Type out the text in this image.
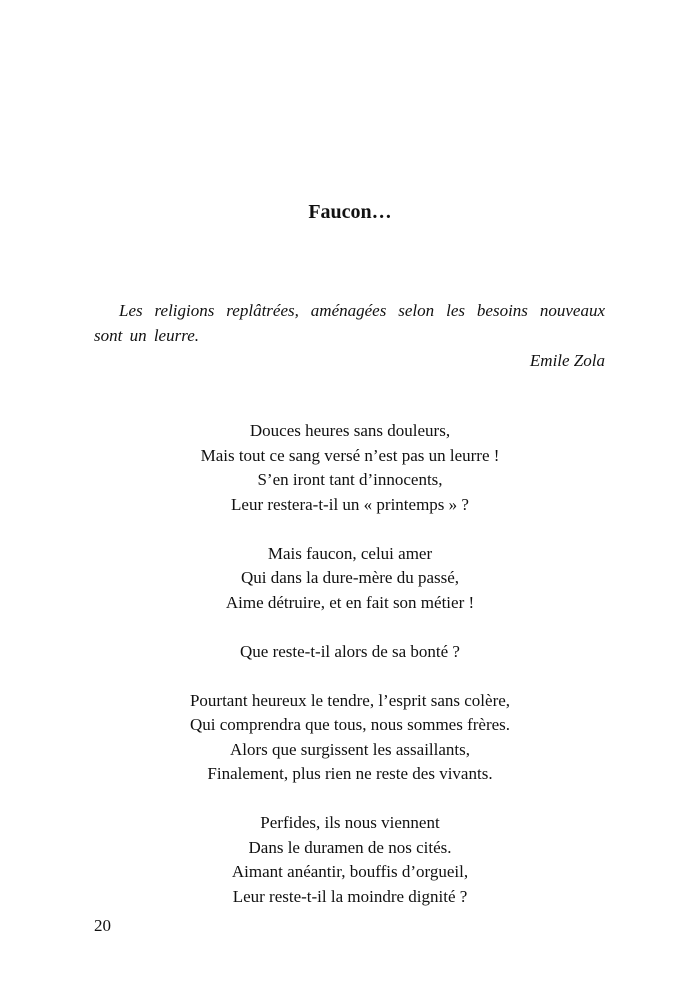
Faucon…

Les religions replâtrées, aménagées selon les besoins nouveaux sont un leurre.

Emile Zola

Douces heures sans douleurs,
Mais tout ce sang versé n’est pas un leurre !
S’en iront tant d’innocents,
Leur restera-t-il un « printemps » ?
Mais faucon, celui amer
Qui dans la dure-mère du passé,
Aime détruire, et en fait son métier !
Que reste-t-il alors de sa bonté ?
Pourtant heureux le tendre, l’esprit sans colère,
Qui comprendra que tous, nous sommes frères.
Alors que surgissent les assaillants,
Finalement, plus rien ne reste des vivants.
Perfides, ils nous viennent
Dans le duramen de nos cités.
Aimant anéantir, bouffis d’orgueil,
Leur reste-t-il la moindre dignité ?
20
